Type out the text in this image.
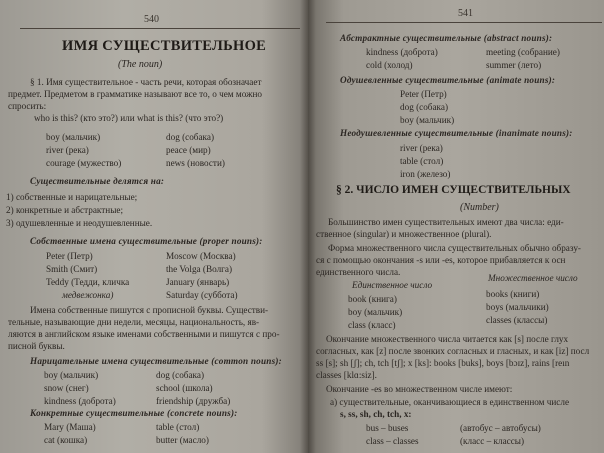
540
ИМЯ СУЩЕСТВИТЕЛЬНОЕ
(The noun)
§ 1. Имя существительное - часть речи, которая обозначает
предмет. Предметом в грамматике называют все то, о чем можно
спросить:
who is this? (кто это?) или what is this? (что это?)
boy (мальчик)	dog (собака)
river (река)	peace (мир)
courage (мужество)	news (новости)
Существительные делятся на:
1) собственные и нарицательные;
2) конкретные и абстрактные;
3) одушевленные и неодушевленные.
Собственные имена существительные (proper nouns):
Peter (Петр)	Moscow (Москва)
Smith (Смит)	the Volga (Волга)
Teddy (Тедди, кличка	January (январь)
медвежонка)	Saturday (суббота)
Имена собственные пишутся с прописной буквы. Существи-
тельные, называющие дни недели, месяцы, национальность, яв-
ляются в английском языке именами собственными и пишутся с про-
писной буквы.
Нарицательные имена существительные (common nouns):
boy (мальчик)	dog (собака)
snow (снег)	school (школа)
kindness (доброта)	friendship (дружба)
Конкретные существительные (concrete nouns):
Mary (Маша)	table (стол)
cat (кошка)	butter (масло)
541
Абстрактные существительные (abstract nouns):
kindness (доброта)	meeting (собрание)
cold (холод)	summer (лето)
Одушевленные существительные (animate nouns):
Peter (Петр)
dog (собака)
boy (мальчик)
Неодушевленные существительные (inanimate nouns):
river (река)
table (стол)
iron (железо)
§ 2. ЧИСЛО ИМЕН СУЩЕСТВИТЕЛЬНЫХ
(Number)
Большинство имен существительных имеют два числа: еди-
ственное (singular) и множественное (plural).
Форма множественного числа существительных обычно образу-
ся с помощью окончания -s или -es, которое прибавляется к осн
единственного числа.
Единственное число
Множественное число
book (книга)	books (книги)
boy (мальчик)	boys (мальчики)
class (класс)	classes (классы)
Окончание множественного числа читается как [s] после глух
согласных, как [z] после звонких согласных и гласных, и как [iz] посл
ss [s]; sh [ʃ]; ch, tch [tʃ]; x [ks]: books [buks], boys [bɔɪz], rains [reın
classes [klɑ:siz].
Окончание -es во множественном числе имеют:
а) существительные, оканчивающиеся в единственном числе
s, ss, sh, ch, tch, x:
bus – buses	(автобус – автобусы)
class – classes	(класс – классы)
